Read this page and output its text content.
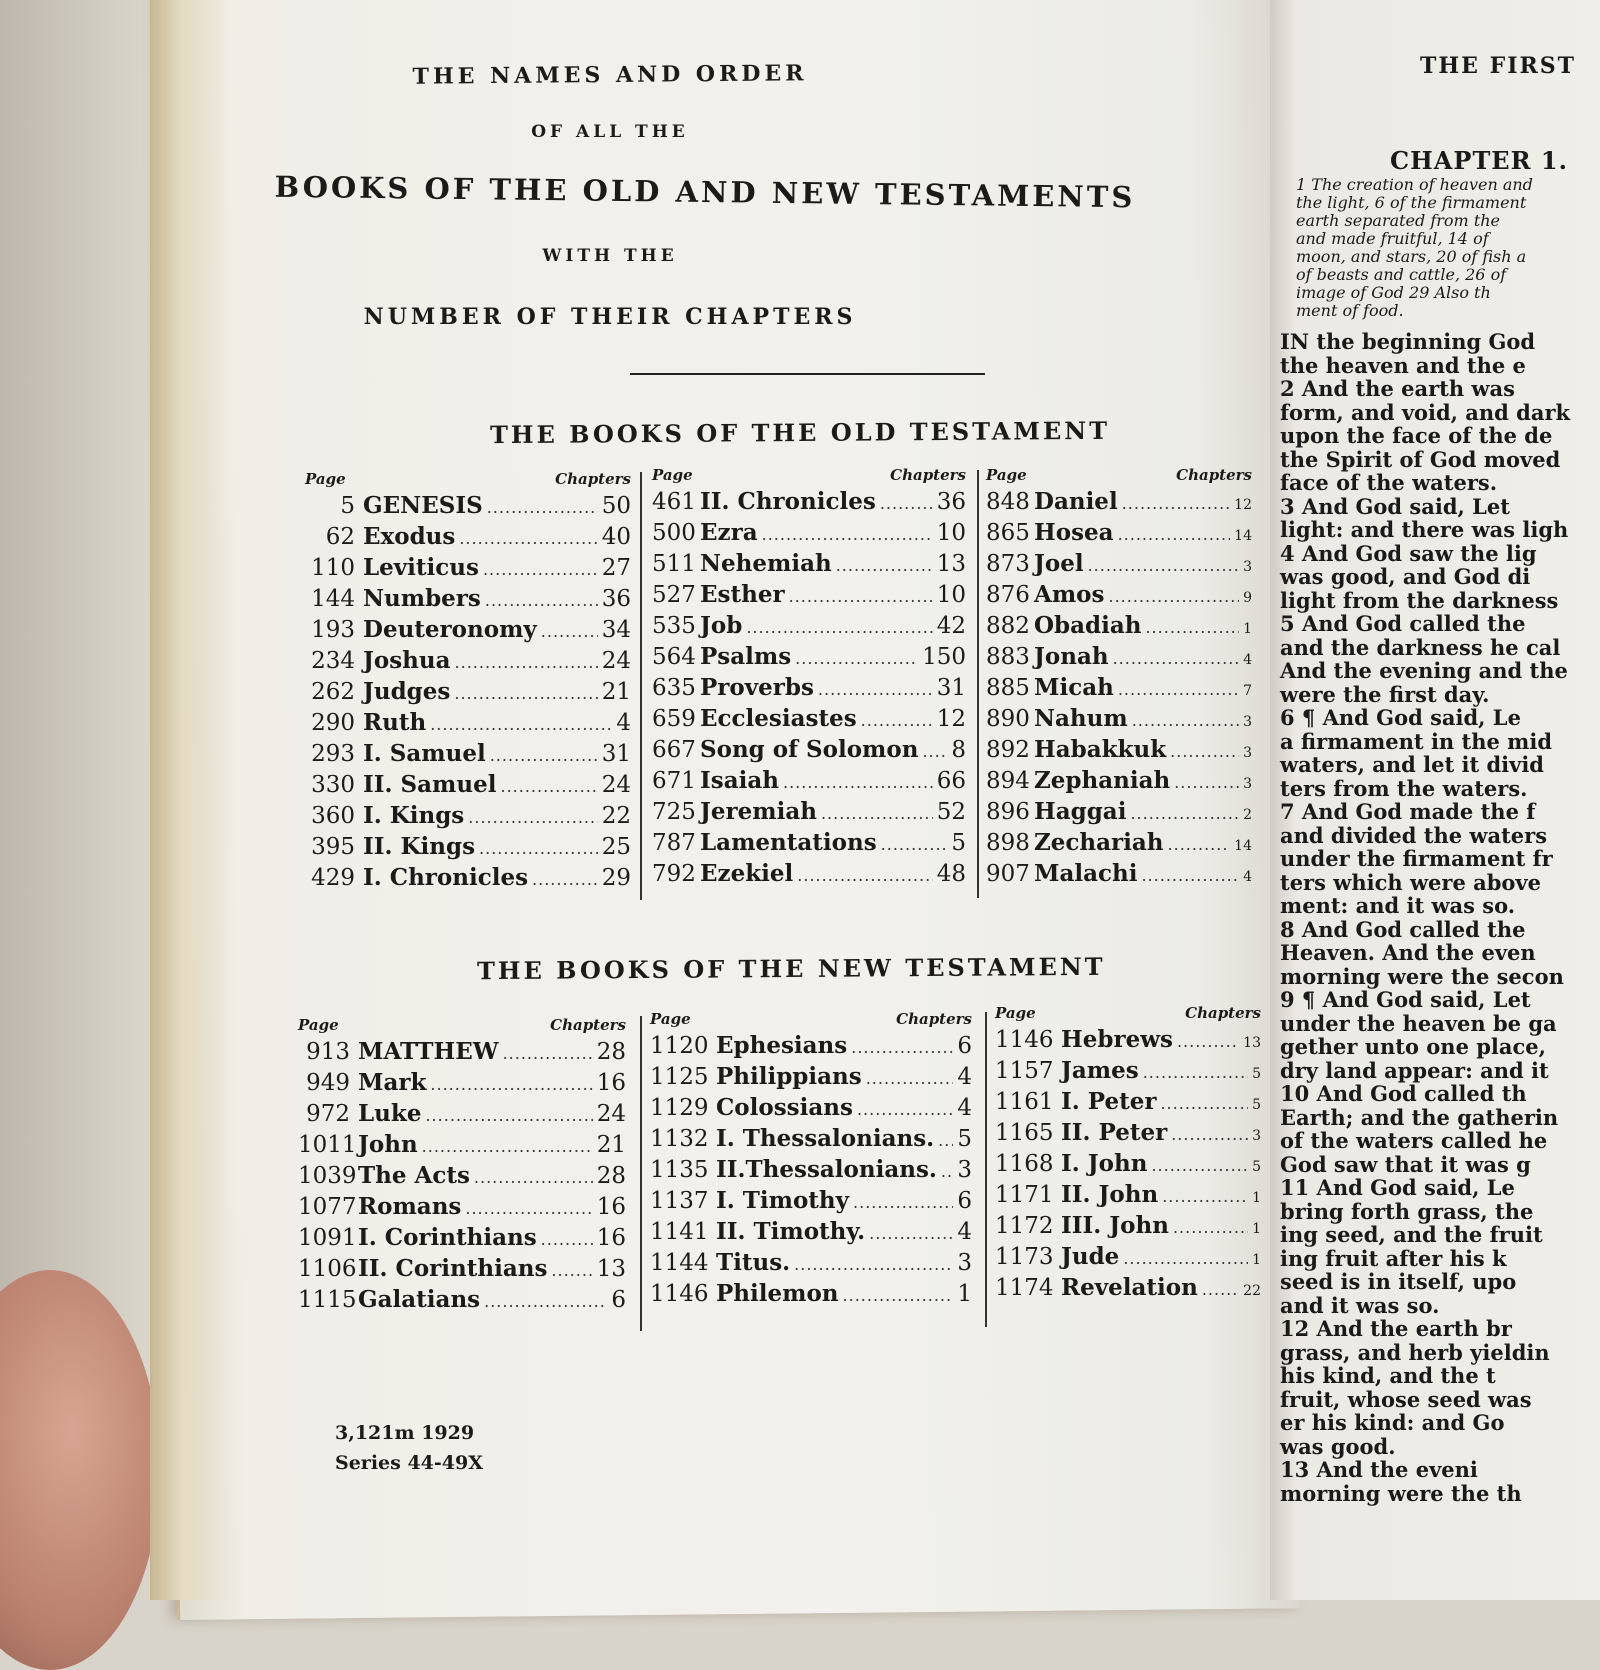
THE NAMES AND ORDER
OF ALL THE
BOOKS OF THE OLD AND NEW TESTAMENTS
WITH THE
NUMBER OF THEIR CHAPTERS
THE BOOKS OF THE OLD TESTAMENT
Page	Chapters
5 GENESIS .....	50
62 Exodus .....	40
110 Leviticus .....	27
144 Numbers .....	36
193 Deuteronomy .....	34
234 Joshua .....	24
262 Judges .....	21
290 Ruth .....	4
293 I. Samuel .....	31
330 II. Samuel .....	24
360 I. Kings .....	22
395 II. Kings .....	25
429 I. Chronicles .....	29
Page	Chapters
461 II. Chronicles .....	36
500 Ezra .....	10
511 Nehemiah .....	13
527 Esther .....	10
535 Job .....	42
564 Psalms .....	150
635 Proverbs .....	31
659 Ecclesiastes .....	12
667 Song of Solomon ..... 8
671 Isaiah .....	66
725 Jeremiah .....	52
787 Lamentations .....	5
792 Ezekiel .....	48
Page	Chapters
848 Daniel .....	12
865 Hosea .....	14
873 Joel .....	3
876 Amos .....	9
882 Obadiah .....	1
883 Jonah .....	4
885 Micah .....	7
890 Nahum .....	3
892 Habakkuk .....	3
894 Zephaniah .....	3
896 Haggai .....	2
898 Zechariah .....	14
907 Malachi .....	4
THE BOOKS OF THE NEW TESTAMENT
Page	Chapters
913 MATTHEW .....	28
949 Mark .....	16
972 Luke .....	24
1011 John .....	21
1039 The Acts .....	28
1077 Romans .....	16
1091 I. Corinthians .....	16
1106 II. Corinthians ..... 13
1115 Galatians .....	6
Page	Chapters
1120 Ephesians .....	6
1125 Philippians .....	4
1129 Colossians .....	4
1132 I. Thessalonians. ..... 5
1135 II.Thessalonians. ..... 3
1137 I. Timothy .....	6
1141 II. Timothy. .....	4
1144 Titus. .....	3
1146 Philemon .....	1
Page	Chapters
1146 Hebrews .....	13
1157 James .....	5
1161 I. Peter .....	5
1165 II. Peter .....	3
1168 I. John .....	5
1171 II. John .....	1
1172 III. John .....	1
1173 Jude .....	1
1174 Revelation .....	22
3,121m 1929
Series 44-49X
THE FIRST
CHAPTER 1.
1 The creation of heaven and
the light, 6 of the firmament
earth separated from the
and made fruitful, 14 of
moon, and stars, 20 of fish a
of beasts and cattle, 26 of
image of God 29 Also th
ment of food.
IN the beginning God
the heaven and the e
2 And the earth was
form, and void, and dark
upon the face of the de
the Spirit of God moved
face of the waters.
3 And God said, Let
light: and there was ligh
4 And God saw the lig
was good, and God di
light from the darkness
5 And God called the
and the darkness he cal
And the evening and the
were the first day.
6 ¶ And God said, Le
a firmament in the mid
waters, and let it divid
ters from the waters.
7 And God made the f
and divided the waters
under the firmament fr
ters which were above
ment: and it was so.
8 And God called the
Heaven. And the even
morning were the secon
9 ¶ And God said, Let
under the heaven be ga
gether unto one place,
dry land appear: and it
10 And God called th
Earth; and the gatherin
of the waters called he
God saw that it was g
11 And God said, Le
bring forth grass, the
ing seed, and the fruit
ing fruit after his k
seed is in itself, upo
and it was so.
12 And the earth br
grass, and herb yieldin
his kind, and the t
fruit, whose seed was
er his kind: and Go
was good.
13 And the eveni
morning were the th
